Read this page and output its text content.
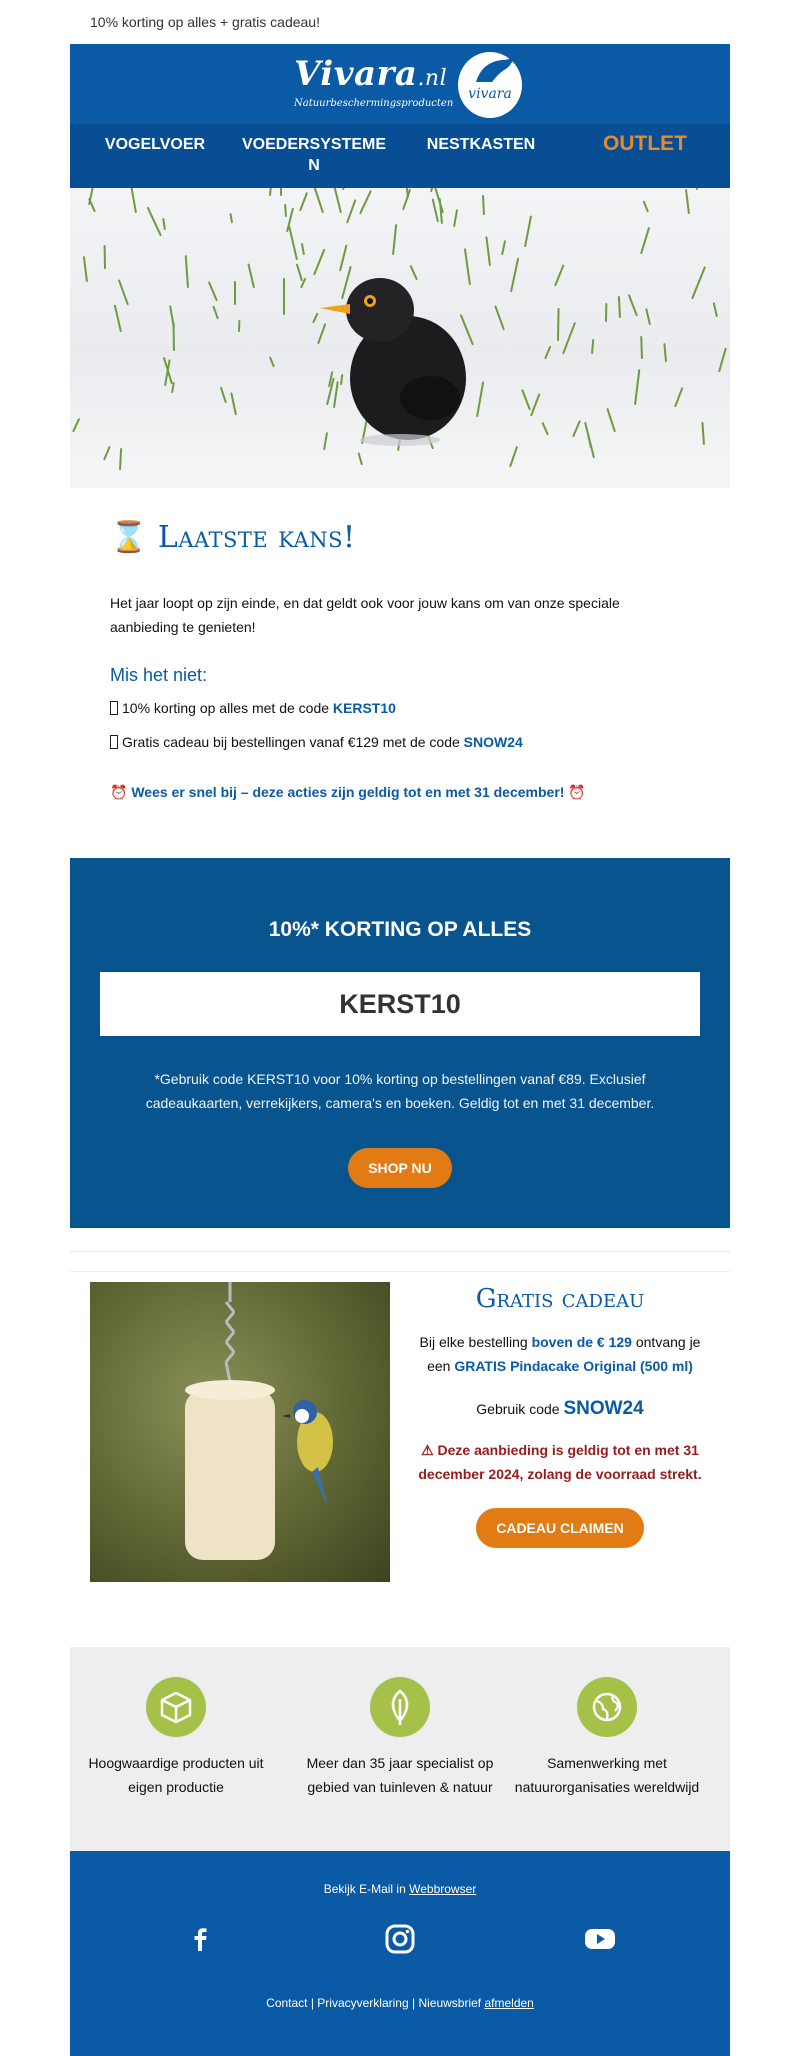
10% korting op alles + gratis cadeau!
Vivara.nl
Natuurbeschermingsproducten
vivara
VOGELVOER	VOEDERSYSTEMEN
NESTKASTEN	OUTLET
⌛ Laatste kans!
Het jaar loopt op zijn einde, en dat geldt ook voor jouw kans om van onze speciale aanbieding te genieten!
Mis het niet:
10% korting op alles met de code KERST10
Gratis cadeau bij bestellingen vanaf €129 met de code SNOW24
⏰ Wees er snel bij – deze acties zijn geldig tot en met 31 december! ⏰
10%* KORTING OP ALLES
KERST10
*Gebruik code KERST10 voor 10% korting op bestellingen vanaf €89. Exclusief cadeaukaarten, verrekijkers, camera's en boeken. Geldig tot en met 31 december.
SHOP NU
Gratis cadeau
Bij elke bestelling boven de € 129 ontvang je een GRATIS Pindacake Original (500 ml)
Gebruik code SNOW24
⚠ Deze aanbieding is geldig tot en met 31 december 2024, zolang de voorraad strekt.
CADEAU CLAIMEN
Hoogwaardige producten uit eigen productie
Meer dan 35 jaar specialist op gebied van tuinleven & natuur
Samenwerking met natuurorganisaties wereldwijd
Bekijk E-Mail in Webbrowser
Contact | Privacyverklaring | Nieuwsbrief afmelden
